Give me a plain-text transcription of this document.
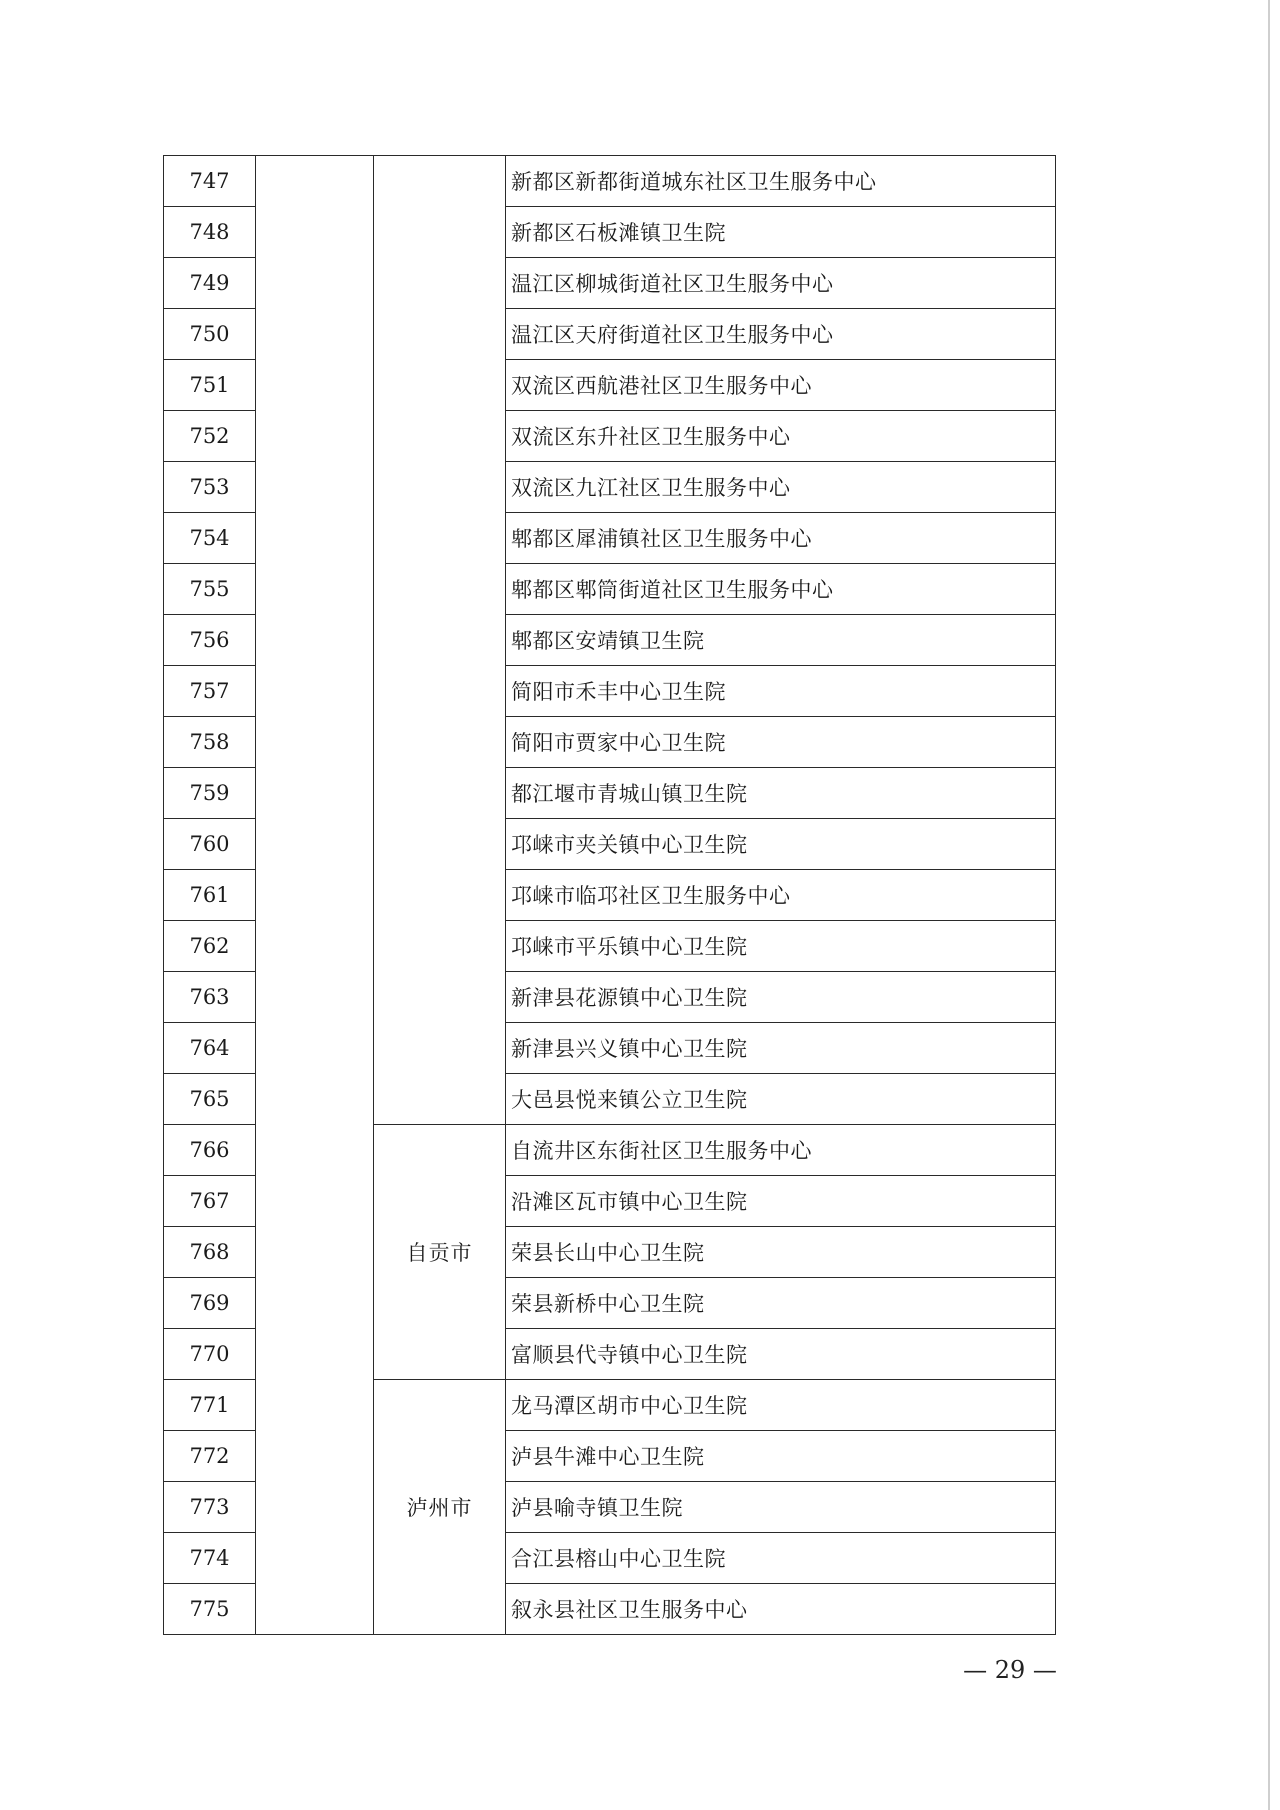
747			新都区新都街道城东社区卫生服务中心
748			新都区石板滩镇卫生院
749			温江区柳城街道社区卫生服务中心
750			温江区天府街道社区卫生服务中心
751			双流区西航港社区卫生服务中心
752			双流区东升社区卫生服务中心
753			双流区九江社区卫生服务中心
754			郫都区犀浦镇社区卫生服务中心
755			郫都区郫筒街道社区卫生服务中心
756			郫都区安靖镇卫生院
757			简阳市禾丰中心卫生院
758			简阳市贾家中心卫生院
759			都江堰市青城山镇卫生院
760			邛崃市夹关镇中心卫生院
761			邛崃市临邛社区卫生服务中心
762			邛崃市平乐镇中心卫生院
763			新津县花源镇中心卫生院
764			新津县兴义镇中心卫生院
765			大邑县悦来镇公立卫生院
766		自贡市	自流井区东街社区卫生服务中心
767			沿滩区瓦市镇中心卫生院
768			荣县长山中心卫生院
769			荣县新桥中心卫生院
770			富顺县代寺镇中心卫生院
771		泸州市	龙马潭区胡市中心卫生院
772			泸县牛滩中心卫生院
773			泸县喻寺镇卫生院
774			合江县榕山中心卫生院
775			叙永县社区卫生服务中心
— 29 —
